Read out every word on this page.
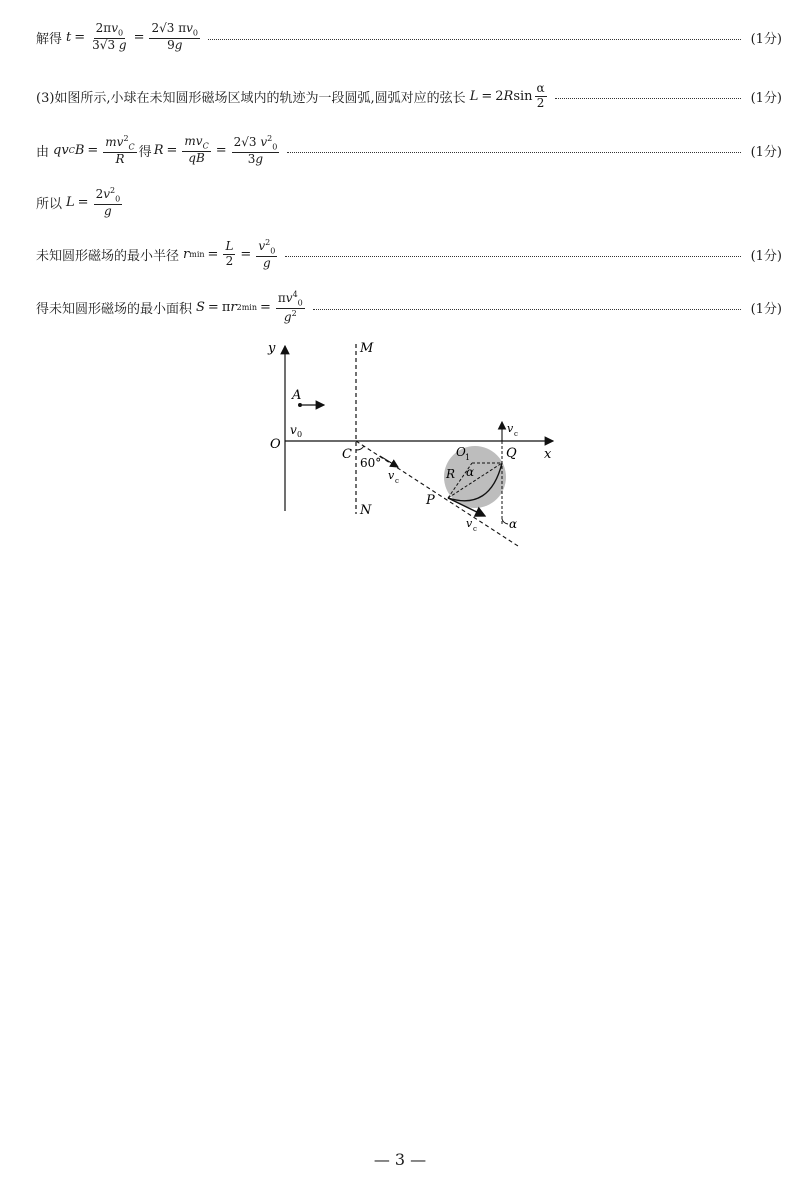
解得 $t = \frac{2\pi v_0}{3√3 g} = \frac{2√3 \pi v_0}{9g}$	(1分)
(3)如图所示,小球在未知圆形磁场区域内的轨迹为一段圆弧,圆弧对应的弦长 L = 2 R $\sin \frac{\alpha}{2}$	(1分)
由 qv C $B = \frac{mv^2_C}{R}$ 得 $R = \frac{mv_C}{qB} = \frac{2√3 v^2_0}{3g}$	(1分)
所以 $L = \frac{2v^2_0}{g}$
未知圆形磁场的最小半径 r $\min = \frac{L}{2} = \frac{v^2_0}{g}$	(1分)
得未知圆形磁场的最小面积 S = π r 2 $\min = \frac{\pi v^4_0}{g^2}$	(1分)
y
x
O
M
N
A
v 0
C
60°
v c
P
Q
O 1
R α
v c
v c	α
— 3 —
